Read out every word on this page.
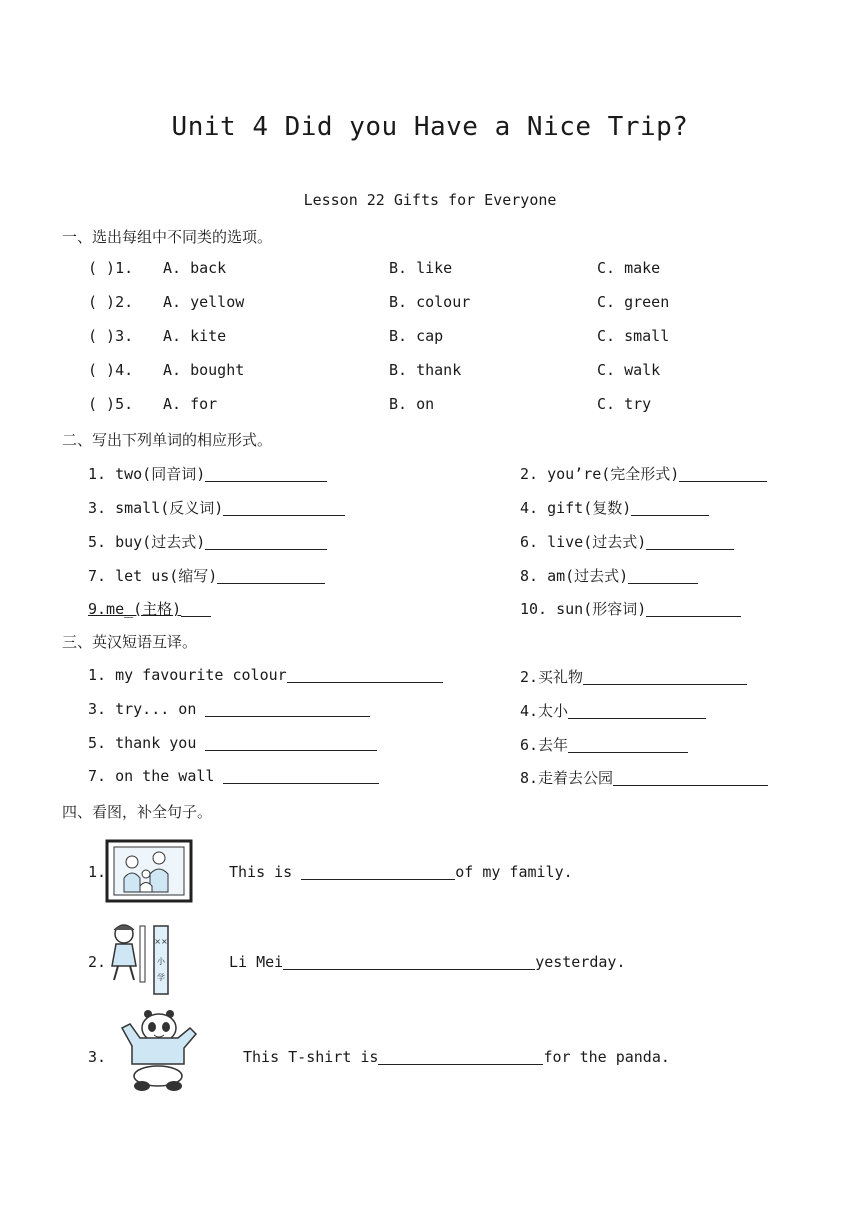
Unit 4 Did you Have a Nice Trip?
Lesson 22 Gifts for Everyone
一、选出每组中不同类的选项。
( )1. A. back	B. like	C. make
( )2. A. yellow	B. colour	C. green
( )3. A. kite	B. cap	C. small
( )4. A. bought	B. thank	C. walk
( )5. A. for	B. on	C. try
二、写出下列单词的相应形式。
1. two(同音词)	2. you’re(完全形式)
3. small(反义词)	4. gift(复数)
5. buy(过去式)	6. live(过去式)
7. let us(缩写)	8. am(过去式)
9.me_(主格)	10. sun(形容词)
三、英汉短语互译。
1. my favourite colour	2.买礼物
3. try... on	4.太小
5. thank you	6.去年
7. on the wall	8.走着去公园
四、看图，补全句子。
1.	This is	of my family.
2.
××
小
学
Li Mei	yesterday.
3.	This T-shirt is	for the panda.
